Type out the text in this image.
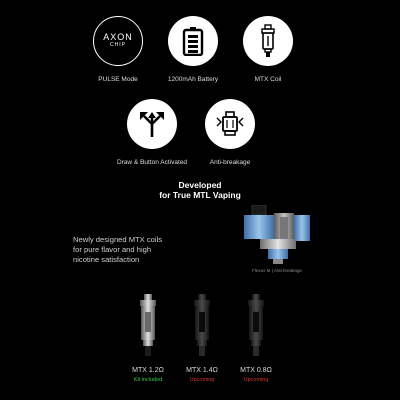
AXON
CHIP
PULSE Mode	1200mAh Battery	MTX Coil
Draw & Button Activated	Anti-breakage
Developed
for True MTL Vaping
Newly designed MTX coils
for pure flavor and high
nicotine satisfaction
Flexus M | Anti-breakage
MTX 1.2Ω
Kit included
MTX 1.4Ω
Upcoming
MTX 0.8Ω
Upcoming
